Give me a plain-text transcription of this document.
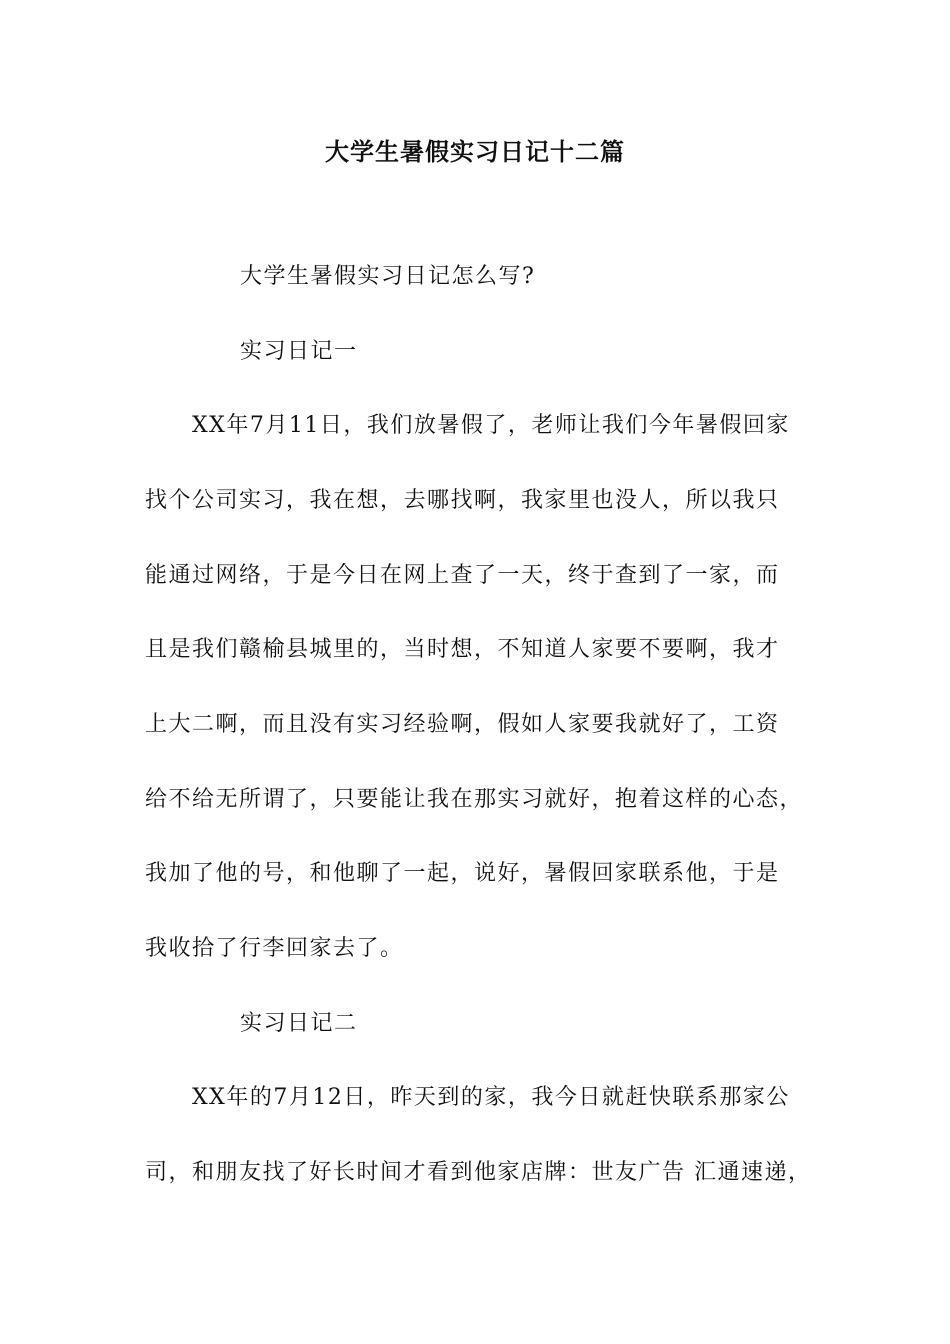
大学生暑假实习日记十二篇
大学生暑假实习日记怎么写?
实习日记一
XX年7月11日，我们放暑假了，老师让我们今年暑假回家
找个公司实习，我在想，去哪找啊，我家里也没人，所以我只
能通过网络，于是今日在网上查了一天，终于查到了一家，而
且是我们赣榆县城里的，当时想，不知道人家要不要啊，我才
上大二啊，而且没有实习经验啊，假如人家要我就好了，工资
给不给无所谓了，只要能让我在那实习就好，抱着这样的心态，
我加了他的号，和他聊了一起，说好，暑假回家联系他，于是
我收拾了行李回家去了。
实习日记二
XX年的7月12日，昨天到的家，我今日就赶快联系那家公
司，和朋友找了好长时间才看到他家店牌：世友广告 汇通速递，
